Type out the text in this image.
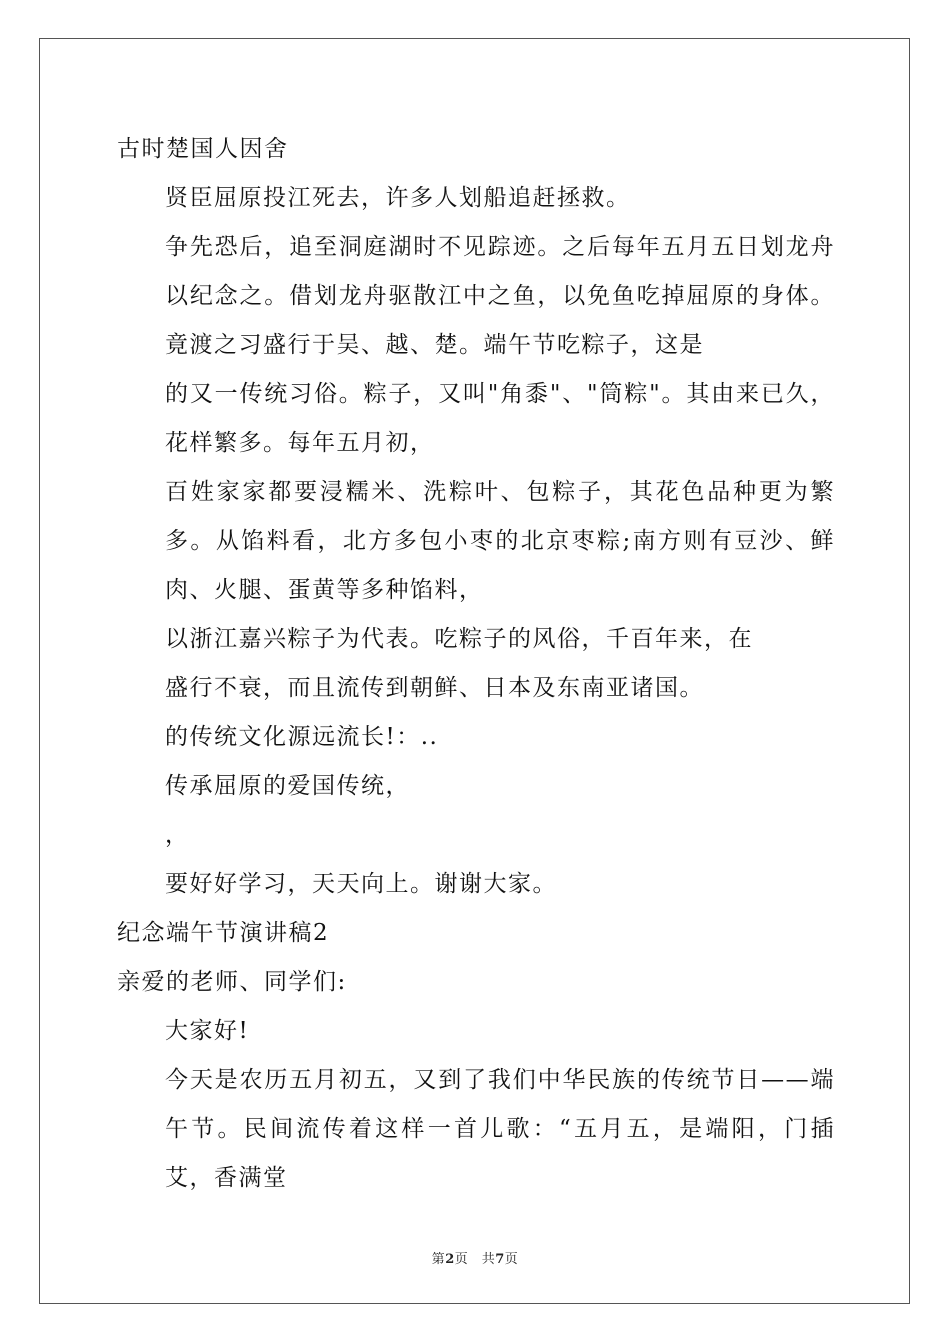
古时楚国人因舍

贤臣屈原投江死去，许多人划船追赶拯救。

争先恐后，追至洞庭湖时不见踪迹。之后每年五月五日划龙舟以纪念之。借划龙舟驱散江中之鱼，以免鱼吃掉屈原的身体。竟渡之习盛行于吴、越、楚。端午节吃粽子，这是

的又一传统习俗。粽子，又叫"角黍"、"筒粽"。其由来已久，花样繁多。每年五月初，

百姓家家都要浸糯米、洗粽叶、包粽子，其花色品种更为繁多。从馅料看，北方多包小枣的北京枣粽;南方则有豆沙、鲜肉、火腿、蛋黄等多种馅料，

以浙江嘉兴粽子为代表。吃粽子的风俗，千百年来，在

盛行不衰，而且流传到朝鲜、日本及东南亚诸国。

的传统文化源远流长!：..

传承屈原的爱国传统，

，

要好好学习，天天向上。谢谢大家。

纪念端午节演讲稿2

亲爱的老师、同学们:

大家好!

今天是农历五月初五，又到了我们中华民族的传统节日——端午节。民间流传着这样一首儿歌：“五月五，是端阳，门插艾，香满堂

第2页　共7页
